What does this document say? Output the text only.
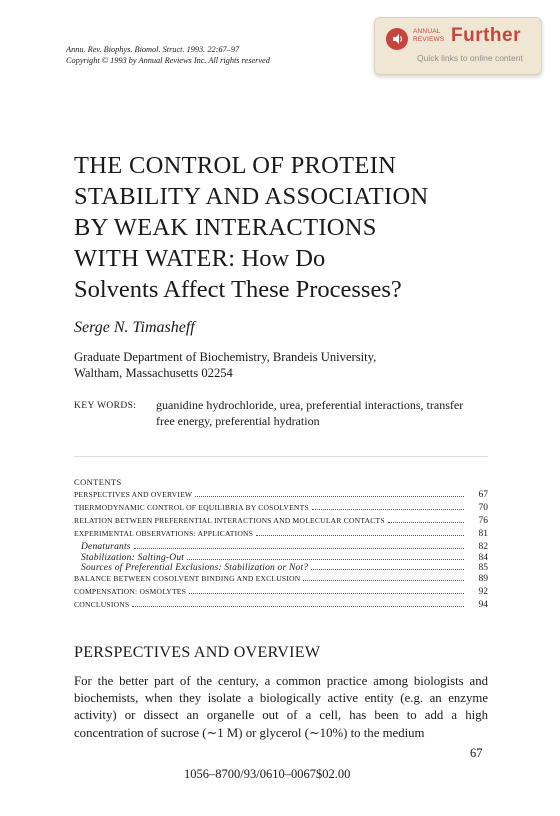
Annu. Rev. Biophys. Biomol. Struct. 1993. 22:67–97
Copyright © 1993 by Annual Reviews Inc. All rights reserved
ANNUAL
REVIEWS Further
Quick links to online content
THE CONTROL OF PROTEIN
STABILITY AND ASSOCIATION
BY WEAK INTERACTIONS
WITH WATER: How Do
Solvents Affect These Processes?
Serge N. Timasheff
Graduate Department of Biochemistry, Brandeis University,
Waltham, Massachusetts 02254
KEY WORDS: guanidine hydrochloride, urea, preferential interactions, transfer
free energy, preferential hydration
CONTENTS
PERSPECTIVES AND OVERVIEW	67
THERMODYNAMIC CONTROL OF EQUILIBRIA BY COSOLVENTS	70
RELATION BETWEEN PREFERENTIAL INTERACTIONS AND MOLECULAR CONTACTS	76
EXPERIMENTAL OBSERVATIONS: APPLICATIONS	81
Denaturants	82
Stabilization: Salting-Out	84
Sources of Preferential Exclusions: Stabilization or Not?	85
BALANCE BETWEEN COSOLVENT BINDING AND EXCLUSION	89
COMPENSATION: OSMOLYTES	92
CONCLUSIONS	94
PERSPECTIVES AND OVERVIEW
For the better part of the century, a common practice among biologists and biochemists, when they isolate a biologically active entity (e.g. an enzyme activity) or dissect an organelle out of a cell, has been to add a high concentration of sucrose (∼1 M) or glycerol (∼10%) to the medium
67
1056–8700/93/0610–0067$02.00
